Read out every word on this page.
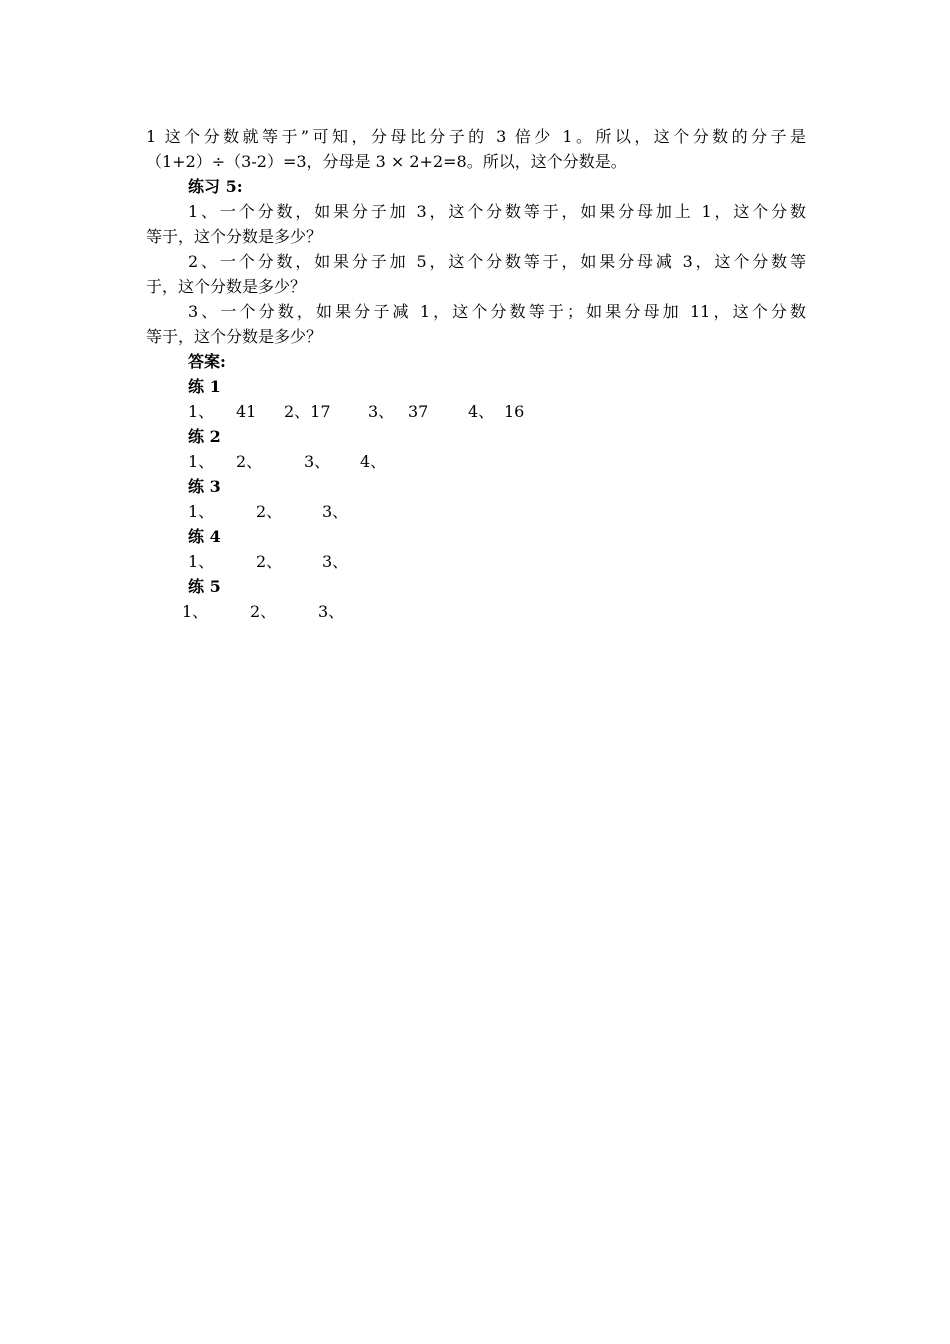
1 这个分数就等于”可知，分母比分子的 3 倍少 1。所以，这个分数的分子是
（1+2）÷（3-2）=3，分母是 3 × 2+2=8。所以，这个分数是。
练习 5:
1、一个分数，如果分子加 3，这个分数等于，如果分母加上 1，这个分数
等于，这个分数是多少？
2、一个分数，如果分子加 5，这个分数等于，如果分母减 3，这个分数等
于，这个分数是多少？
3、一个分数，如果分子减 1，这个分数等于；如果分母加 11，这个分数
等于，这个分数是多少？
答案:
练 1
1、 41 2、17 3、 37 4、 16
练 2
1、 2、	3、 4、
练 3
1、	2、 3、
练 4
1、	2、 3、
练 5
1、	2、	3、
